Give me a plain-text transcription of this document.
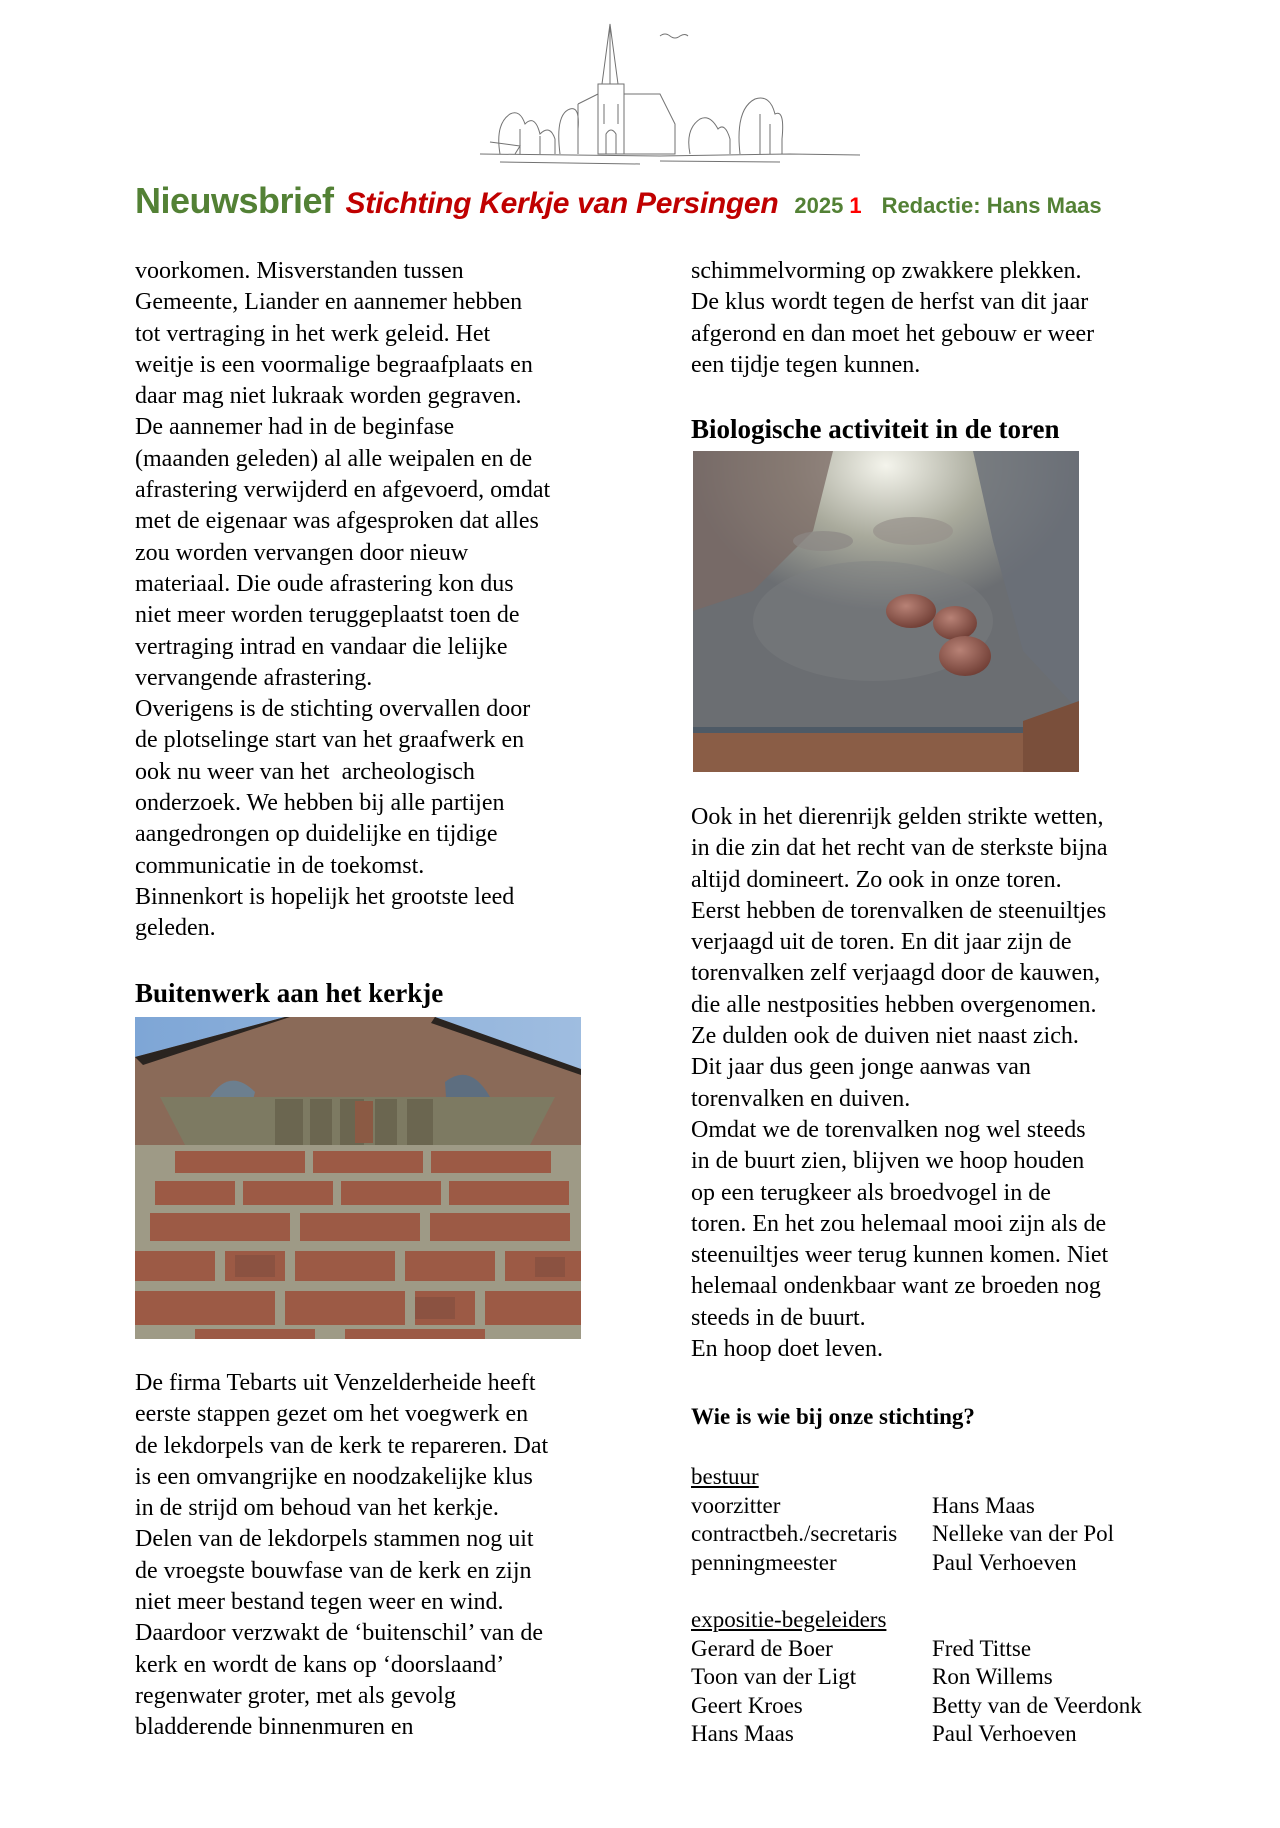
Nieuwsbrief Stichting Kerkje van Persingen 2025 1 Redactie: Hans Maas

voorkomen. Misverstanden tussen

Gemeente, Liander en aannemer hebben

tot vertraging in het werk geleid. Het

weitje is een voormalige begraafplaats en

daar mag niet lukraak worden gegraven.

De aannemer had in de beginfase

(maanden geleden) al alle weipalen en de

afrastering verwijderd en afgevoerd, omdat

met de eigenaar was afgesproken dat alles

zou worden vervangen door nieuw

materiaal. Die oude afrastering kon dus

niet meer worden teruggeplaatst toen de

vertraging intrad en vandaar die lelijke

vervangende afrastering.

Overigens is de stichting overvallen door

de plotselinge start van het graafwerk en

ook nu weer van het  archeologisch

onderzoek. We hebben bij alle partijen

aangedrongen op duidelijke en tijdige

communicatie in de toekomst.

Binnenkort is hopelijk het grootste leed

geleden.

Buitenwerk aan het kerkje

De firma Tebarts uit Venzelderheide heeft

eerste stappen gezet om het voegwerk en

de lekdorpels van de kerk te repareren. Dat

is een omvangrijke en noodzakelijke klus

in de strijd om behoud van het kerkje.

Delen van de lekdorpels stammen nog uit

de vroegste bouwfase van de kerk en zijn

niet meer bestand tegen weer en wind.

Daardoor verzwakt de ‘buitenschil’ van de

kerk en wordt de kans op ‘doorslaand’

regenwater groter, met als gevolg

bladderende binnenmuren en

schimmelvorming op zwakkere plekken.

De klus wordt tegen de herfst van dit jaar

afgerond en dan moet het gebouw er weer

een tijdje tegen kunnen.

Biologische activiteit in de toren

Ook in het dierenrijk gelden strikte wetten,

in die zin dat het recht van de sterkste bijna

altijd domineert. Zo ook in onze toren.

Eerst hebben de torenvalken de steenuiltjes

verjaagd uit de toren. En dit jaar zijn de

torenvalken zelf verjaagd door de kauwen,

die alle nestposities hebben overgenomen.

Ze dulden ook de duiven niet naast zich.

Dit jaar dus geen jonge aanwas van

torenvalken en duiven.

Omdat we de torenvalken nog wel steeds

in de buurt zien, blijven we hoop houden

op een terugkeer als broedvogel in de

toren. En het zou helemaal mooi zijn als de

steenuiltjes weer terug kunnen komen. Niet

helemaal ondenkbaar want ze broeden nog

steeds in de buurt.

En hoop doet leven.

Wie is wie bij onze stichting?
bestuur
voorzitter	Hans Maas
contractbeh./secretaris	Nelleke van der Pol
penningmeester	Paul Verhoeven
expositie-begeleiders
Gerard de Boer	Fred Tittse
Toon van der Ligt	Ron Willems
Geert Kroes	Betty van de Veerdonk
Hans Maas	Paul Verhoeven
